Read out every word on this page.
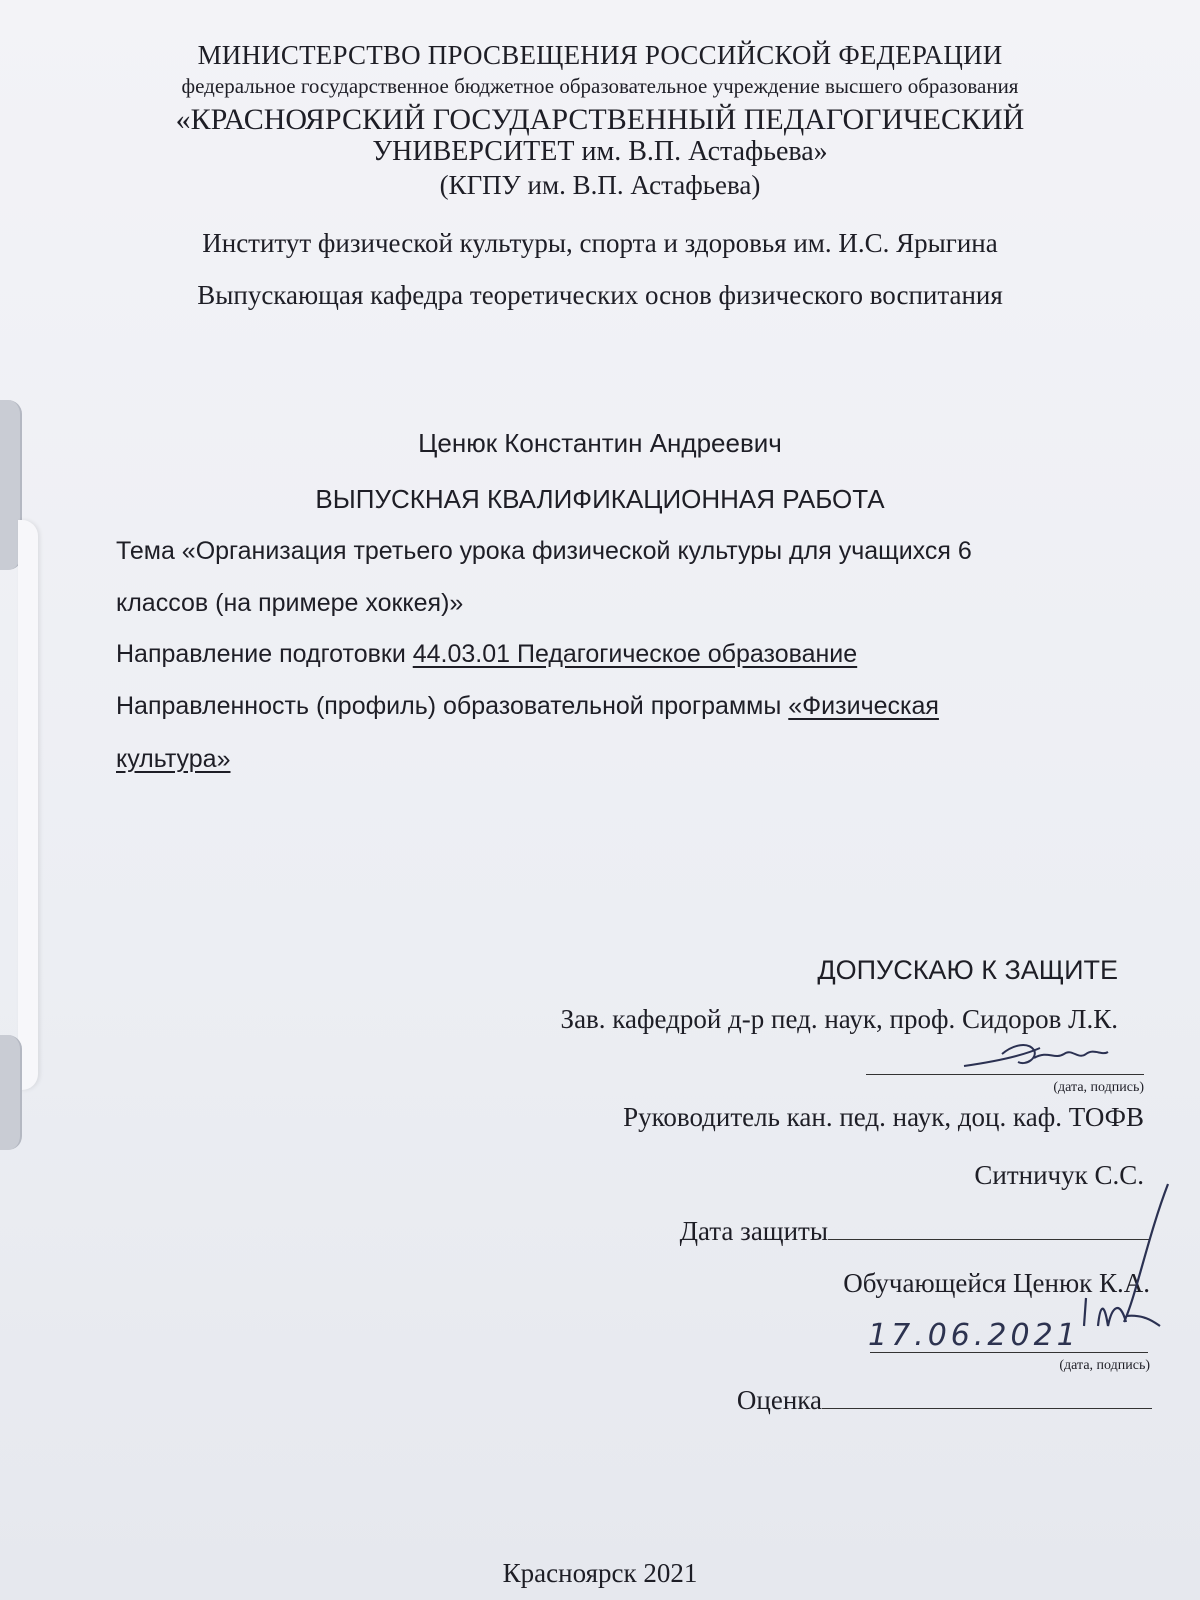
МИНИСТЕРСТВО ПРОСВЕЩЕНИЯ РОССИЙСКОЙ ФЕДЕРАЦИИ
федеральное государственное бюджетное образовательное учреждение высшего образования
«КРАСНОЯРСКИЙ ГОСУДАРСТВЕННЫЙ ПЕДАГОГИЧЕСКИЙ
УНИВЕРСИТЕТ им. В.П. Астафьева»
(КГПУ им. В.П. Астафьева)
Институт физической культуры, спорта и здоровья им. И.С. Ярыгина
Выпускающая кафедра теоретических основ физического воспитания
Ценюк Константин Андреевич
ВЫПУСКНАЯ КВАЛИФИКАЦИОННАЯ РАБОТА
Тема «Организация третьего урока физической культуры для учащихся 6
классов (на примере хоккея)»
Направление подготовки 44.03.01 Педагогическое образование
Направленность (профиль) образовательной программы «Физическая
культура»
ДОПУСКАЮ К ЗАЩИТЕ
Зав. кафедрой д-р пед. наук, проф. Сидоров Л.К.
(дата, подпись)
Руководитель кан. пед. наук, доц. каф. ТОФВ
Ситничук С.С.
Дата защиты
Обучающейся Ценюк К.А.
17.06.2021
(дата, подпись)
Оценка
Красноярск 2021
